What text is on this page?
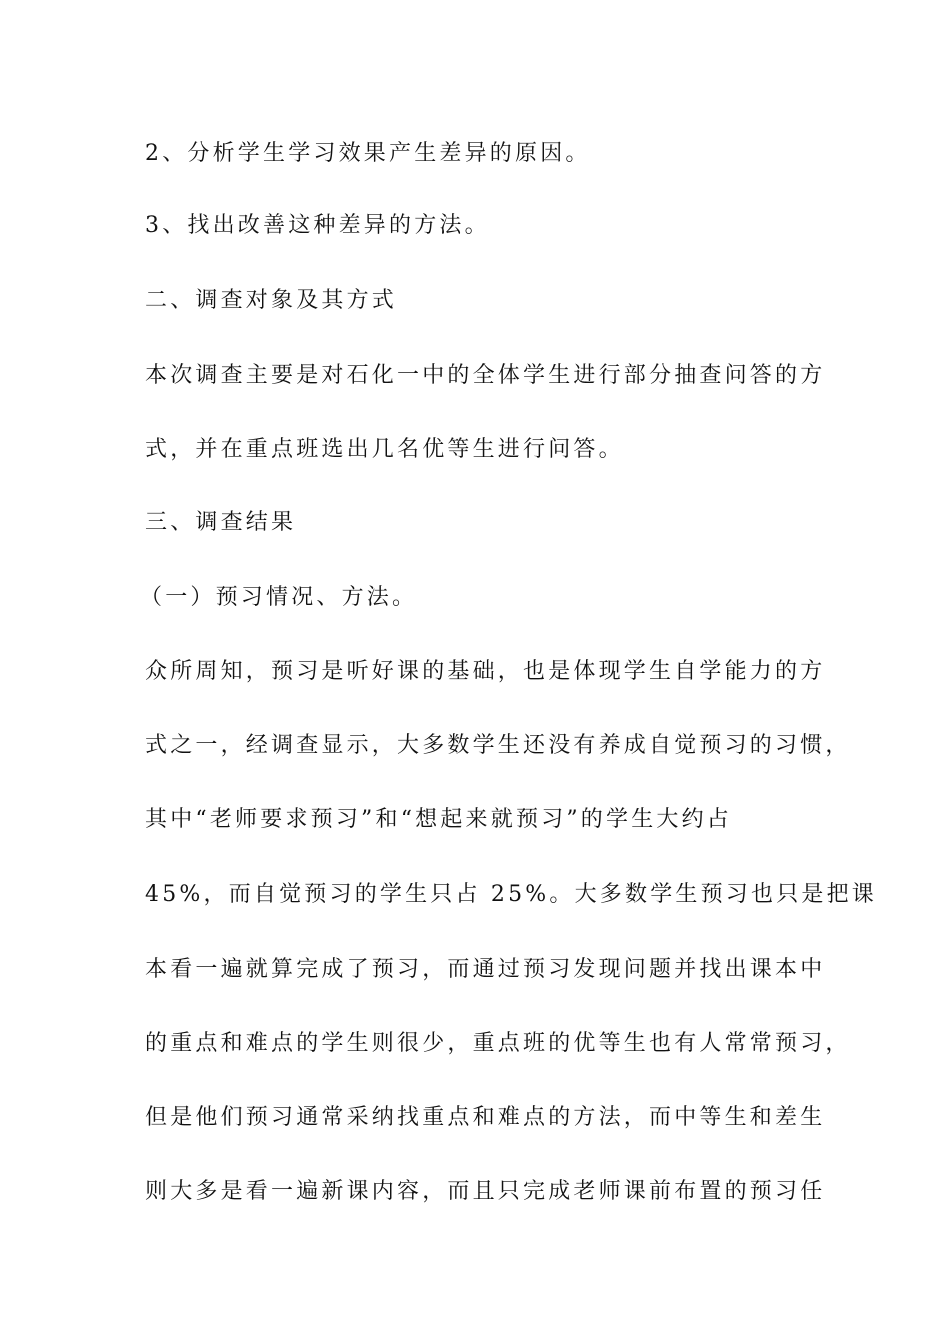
2、分析学生学习效果产生差异的原因。
3、找出改善这种差异的方法。
二、调查对象及其方式
本次调查主要是对石化一中的全体学生进行部分抽查问答的方
式，并在重点班选出几名优等生进行问答。
三、调查结果
（一）预习情况、方法。
众所周知，预习是听好课的基础，也是体现学生自学能力的方
式之一，经调查显示，大多数学生还没有养成自觉预习的习惯，
其中“老师要求预习”和“想起来就预习”的学生大约占
45%，而自觉预习的学生只占 25%。大多数学生预习也只是把课
本看一遍就算完成了预习，而通过预习发现问题并找出课本中
的重点和难点的学生则很少，重点班的优等生也有人常常预习，
但是他们预习通常采纳找重点和难点的方法，而中等生和差生
则大多是看一遍新课内容，而且只完成老师课前布置的预习任
